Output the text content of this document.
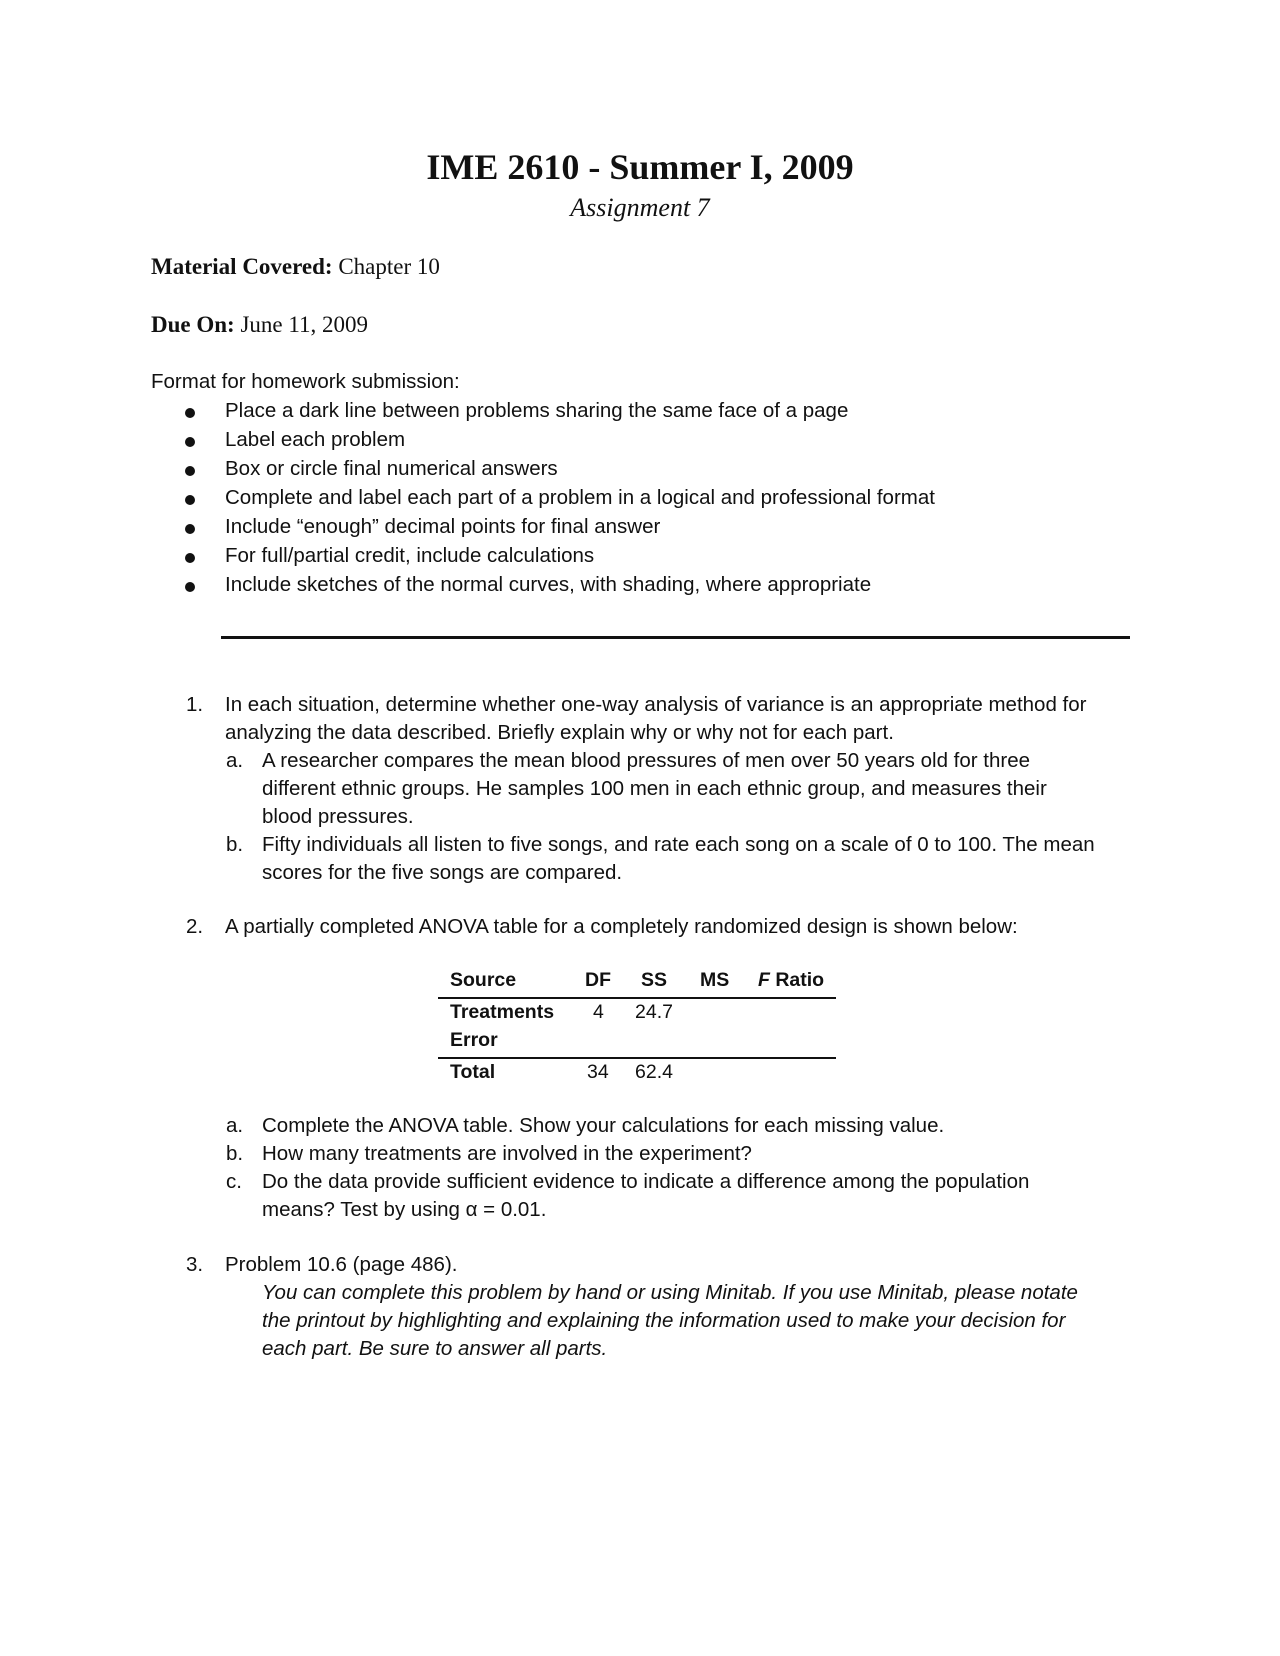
IME 2610 - Summer I, 2009
Assignment 7
Material Covered: Chapter 10
Due On: June 11, 2009
Format for homework submission:
Place a dark line between problems sharing the same face of a page
Label each problem
Box or circle final numerical answers
Complete and label each part of a problem in a logical and professional format
Include “enough” decimal points for final answer
For full/partial credit, include calculations
Include sketches of the normal curves, with shading, where appropriate
1. In each situation, determine whether one-way analysis of variance is an appropriate method for
analyzing the data described. Briefly explain why or why not for each part.
a. A researcher compares the mean blood pressures of men over 50 years old for three
different ethnic groups. He samples 100 men in each ethnic group, and measures their
blood pressures.
b. Fifty individuals all listen to five songs, and rate each song on a scale of 0 to 100. The mean
scores for the five songs are compared.
2. A partially completed ANOVA table for a completely randomized design is shown below:
Source	DF SS MS F Ratio
Treatments 4 24.7
Error
Total	34 62.4
a. Complete the ANOVA table. Show your calculations for each missing value.
b. How many treatments are involved in the experiment?
c. Do the data provide sufficient evidence to indicate a difference among the population
means? Test by using α = 0.01.
3. Problem 10.6 (page 486).
You can complete this problem by hand or using Minitab. If you use Minitab, please notate
the printout by highlighting and explaining the information used to make your decision for
each part. Be sure to answer all parts.
